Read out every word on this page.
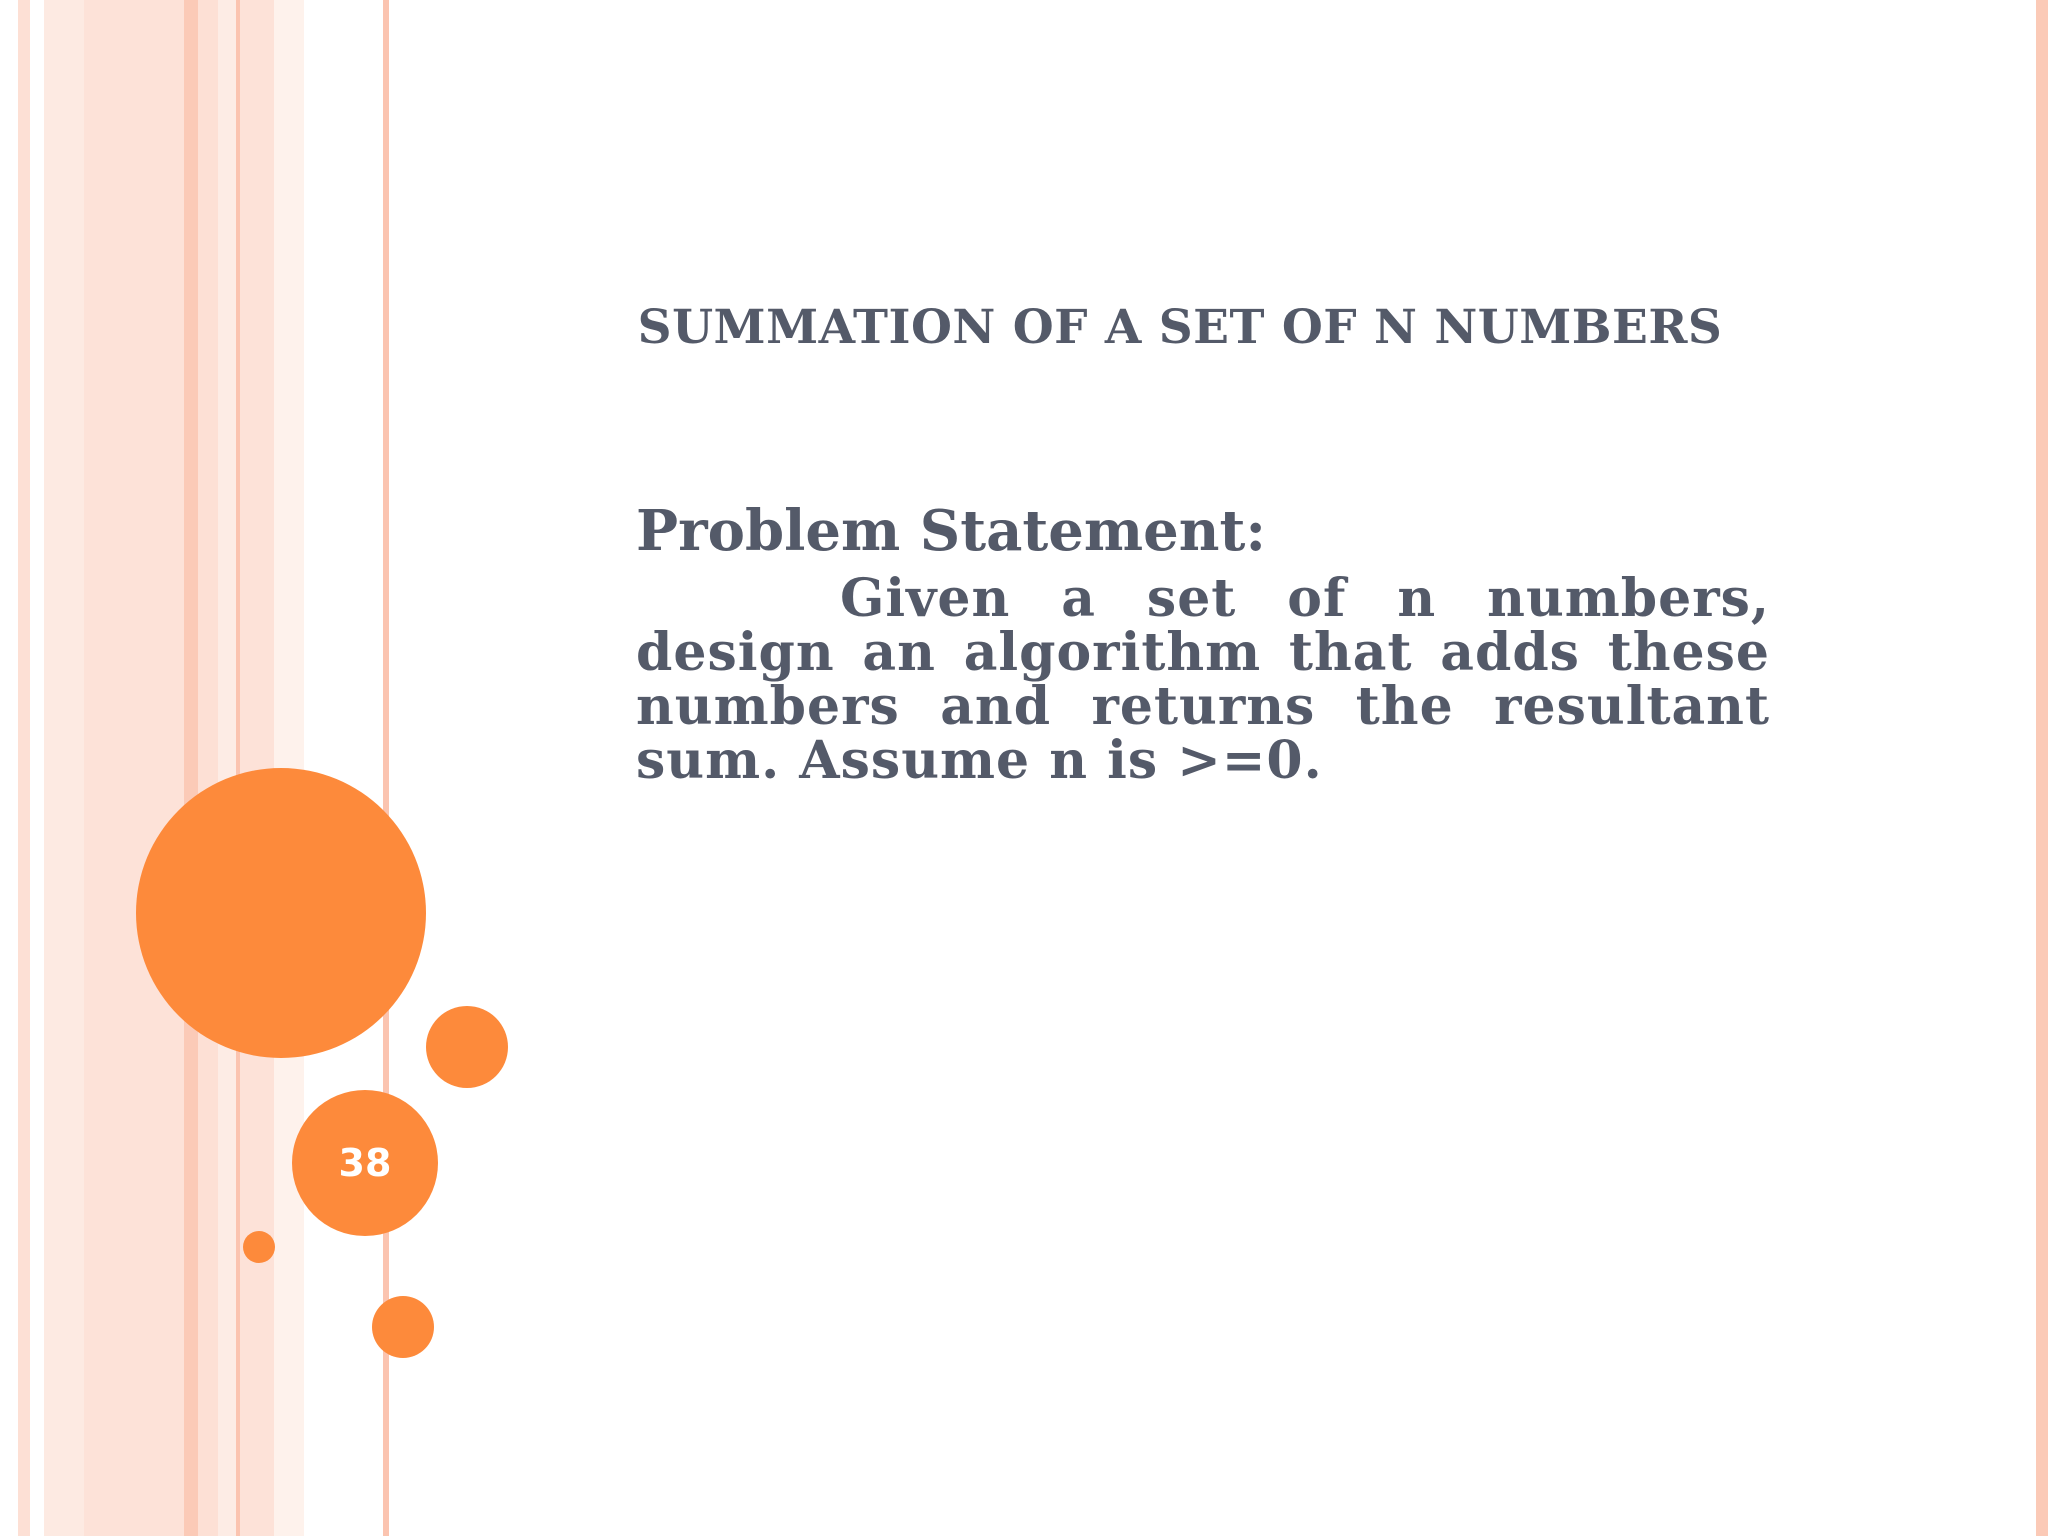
38
SUMMATION OF A SET OF N NUMBERS

Problem Statement:

Given a set of n numbers, design an algorithm that adds these numbers and returns the resultant sum. Assume n is >=0.
